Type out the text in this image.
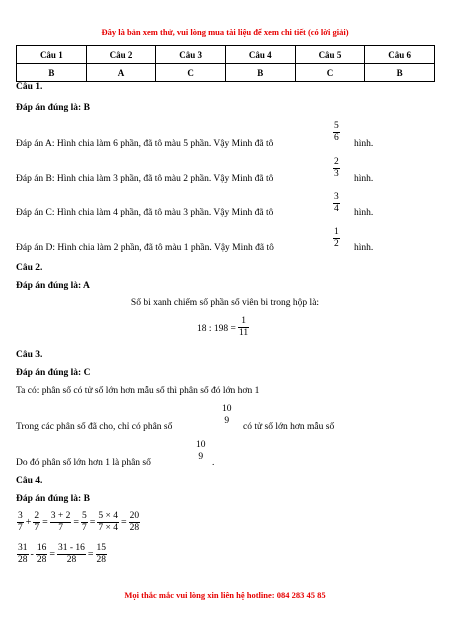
Đây là bản xem thử, vui lòng mua tài liệu để xem chi tiết (có lời giải)
Câu 1	Câu 2	Câu 3	Câu 4	Câu 5	Câu 6
B	A	C	B	C	B
Câu 1.
Đáp án đúng là: B
Đáp án A: Hình chia làm 6 phần, đã tô màu 5 phần. Vậy Minh đã tô
5
6
hình.
Đáp án B: Hình chia làm 3 phần, đã tô màu 2 phần. Vậy Minh đã tô
2
3 hình.
Đáp án C: Hình chia làm 4 phần, đã tô màu 3 phần. Vậy Minh đã tô
3
4 hình.
Đáp án D: Hình chia làm 2 phần, đã tô màu 1 phần. Vậy Minh đã tô
1
2 hình.
Câu 2.
Đáp án đúng là: A
Số bi xanh chiếm số phần số viên bi trong hộp là:
18 : 198 =
1
11
Câu 3.
Đáp án đúng là: C
Ta có: phân số có tử số lớn hơn mẫu số thì phân số đó lớn hơn 1
Trong các phân số đã cho, chỉ có phân số
10
9
có tử số lớn hơn mẫu số
Do đó phân số lớn hơn 1 là phân số
10
9
.
Câu 4.
Đáp án đúng là: B
$\frac{3}{7} + \frac{2}{7} = \frac{3 + 2}{7} = \frac{5}{7} = \frac{5 \times 4}{7 \times 4} = \frac{20}{28}$
$\frac{31}{28} - \frac{16}{28} = \frac{31 - 16}{28} = \frac{15}{28}$
Mọi thắc mắc vui lòng xin liên hệ hotline: 084 283 45 85
